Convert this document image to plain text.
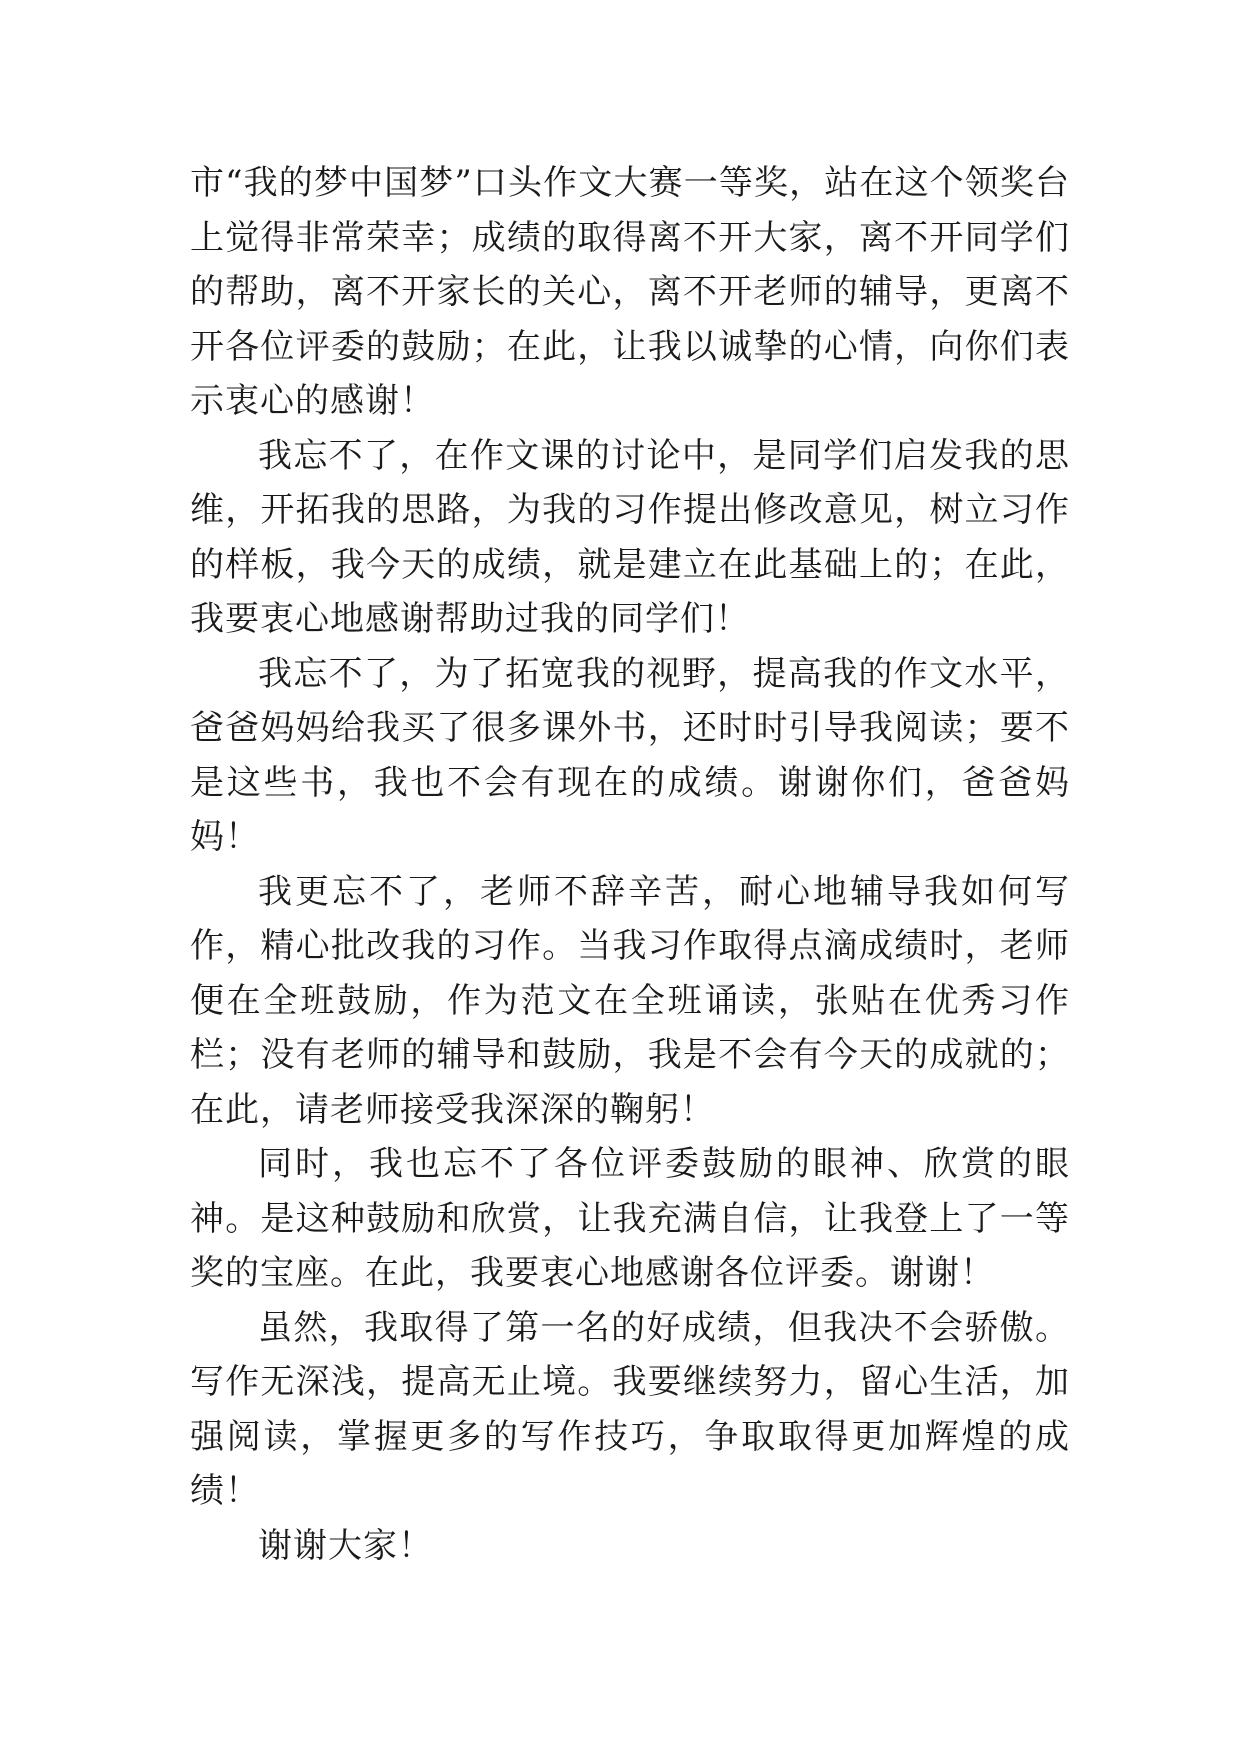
市“我的梦中国梦”口头作文大赛一等奖，站在这个领奖台上觉得非常荣幸；成绩的取得离不开大家，离不开同学们的帮助，离不开家长的关心，离不开老师的辅导，更离不开各位评委的鼓励；在此，让我以诚挚的心情，向你们表示衷心的感谢！

我忘不了，在作文课的讨论中，是同学们启发我的思维，开拓我的思路，为我的习作提出修改意见，树立习作的样板，我今天的成绩，就是建立在此基础上的；在此，我要衷心地感谢帮助过我的同学们！

我忘不了，为了拓宽我的视野，提高我的作文水平，爸爸妈妈给我买了很多课外书，还时时引导我阅读；要不是这些书，我也不会有现在的成绩。谢谢你们，爸爸妈妈！

我更忘不了，老师不辞辛苦，耐心地辅导我如何写作，精心批改我的习作。当我习作取得点滴成绩时，老师便在全班鼓励，作为范文在全班诵读，张贴在优秀习作栏；没有老师的辅导和鼓励，我是不会有今天的成就的；在此，请老师接受我深深的鞠躬！

同时，我也忘不了各位评委鼓励的眼神、欣赏的眼神。是这种鼓励和欣赏，让我充满自信，让我登上了一等奖的宝座。在此，我要衷心地感谢各位评委。谢谢！

虽然，我取得了第一名的好成绩，但我决不会骄傲。写作无深浅，提高无止境。我要继续努力，留心生活，加强阅读，掌握更多的写作技巧，争取取得更加辉煌的成绩！

谢谢大家！
